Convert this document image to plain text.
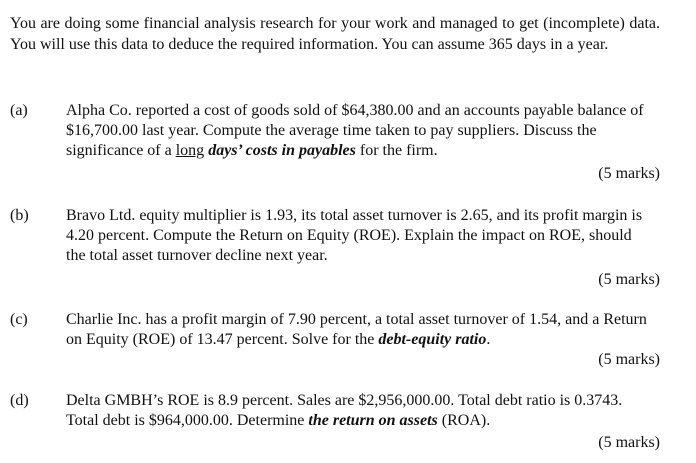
You are doing some financial analysis research for your work and managed to get (incomplete) data. You will use this data to deduce the required information. You can assume 365 days in a year.

(a) Alpha Co. reported a cost of goods sold of $64,380.00 and an accounts payable balance of $16,700.00 last year. Compute the average time taken to pay suppliers. Discuss the significance of a long days’ costs in payables for the firm.
(5 marks)
(b) Bravo Ltd. equity multiplier is 1.93, its total asset turnover is 2.65, and its profit margin is 4.20 percent. Compute the Return on Equity (ROE). Explain the impact on ROE, should the total asset turnover decline next year.
(5 marks)
(c) Charlie Inc. has a profit margin of 7.90 percent, a total asset turnover of 1.54, and a Return on Equity (ROE) of 13.47 percent. Solve for the debt-equity ratio.
(5 marks)
(d) Delta GMBH’s ROE is 8.9 percent. Sales are $2,956,000.00. Total debt ratio is 0.3743. Total debt is $964,000.00. Determine the return on assets (ROA).
(5 marks)
